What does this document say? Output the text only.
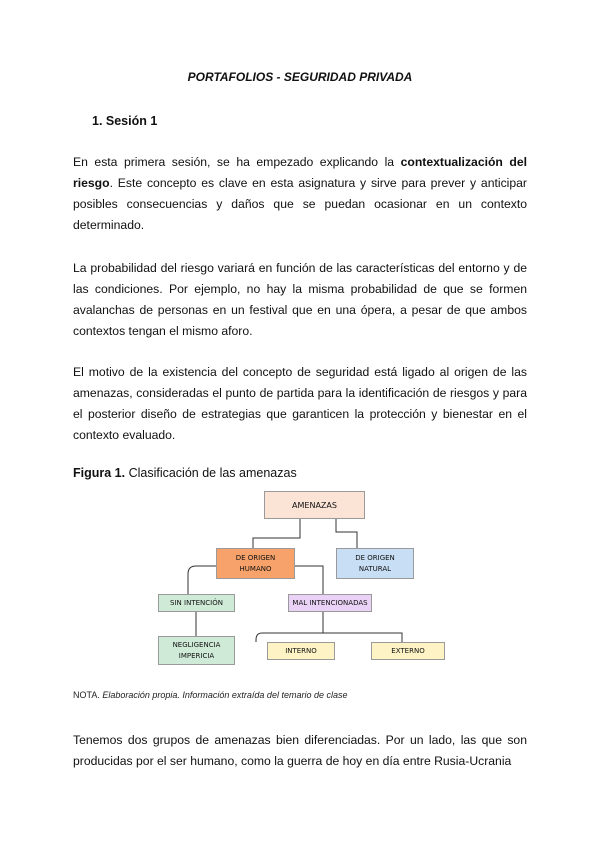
PORTAFOLIOS - SEGURIDAD PRIVADA
1. Sesión 1
En esta primera sesión, se ha empezado explicando la contextualización del riesgo. Este concepto es clave en esta asignatura y sirve para prever y anticipar posibles consecuencias y daños que se puedan ocasionar en un contexto determinado.
La probabilidad del riesgo variará en función de las características del entorno y de las condiciones. Por ejemplo, no hay la misma probabilidad de que se formen avalanchas de personas en un festival que en una ópera, a pesar de que ambos contextos tengan el mismo aforo.
El motivo de la existencia del concepto de seguridad está ligado al origen de las amenazas, consideradas el punto de partida para la identificación de riesgos y para el posterior diseño de estrategias que garanticen la protección y bienestar en el contexto evaluado.
Figura 1. Clasificación de las amenazas
AMENAZAS
DE ORIGEN HUMANO
DE ORIGEN NATURAL
SIN INTENCIÓN	MAL INTENCIONADAS
NEGLIGENCIA IMPERICIA
INTERNO	EXTERNO
NOTA. Elaboración propia. Información extraída del temario de clase
Tenemos dos grupos de amenazas bien diferenciadas. Por un lado, las que son producidas por el ser humano, como la guerra de hoy en día entre Rusia-Ucrania
